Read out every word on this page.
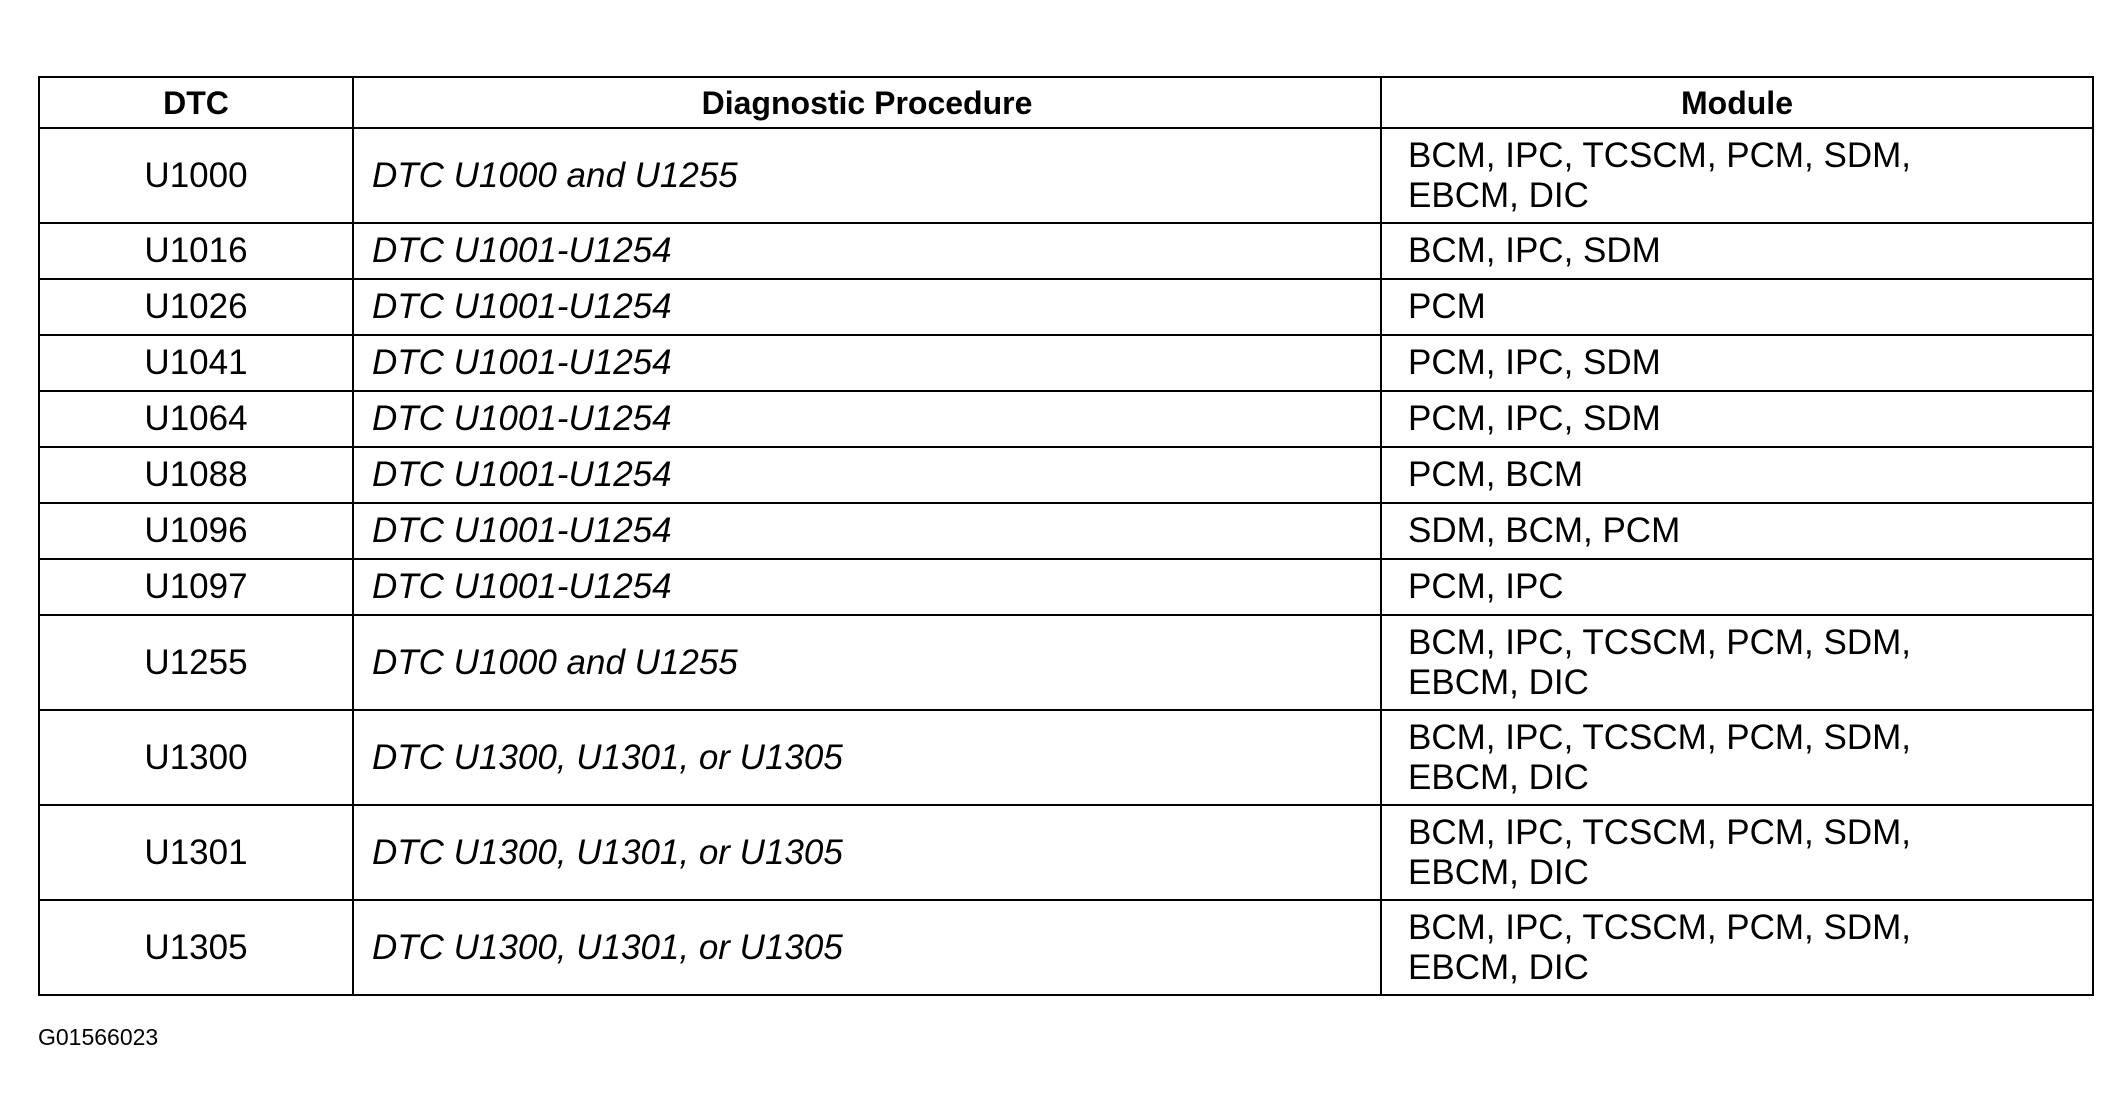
DTC	Diagnostic Procedure	Module
U1000	DTC U1000 and U1255	BCM, IPC, TCSCM, PCM, SDM,
EBCM, DIC

U1016	DTC U1001-U1254	BCM, IPC, SDM

U1026	DTC U1001-U1254	PCM

U1041	DTC U1001-U1254	PCM, IPC, SDM

U1064	DTC U1001-U1254	PCM, IPC, SDM

U1088	DTC U1001-U1254	PCM, BCM

U1096	DTC U1001-U1254	SDM, BCM, PCM

U1097	DTC U1001-U1254	PCM, IPC

U1255	DTC U1000 and U1255	BCM, IPC, TCSCM, PCM, SDM,
EBCM, DIC

U1300	DTC U1300, U1301, or U1305	BCM, IPC, TCSCM, PCM, SDM,
EBCM, DIC

U1301	DTC U1300, U1301, or U1305	BCM, IPC, TCSCM, PCM, SDM,
EBCM, DIC

U1305	DTC U1300, U1301, or U1305	BCM, IPC, TCSCM, PCM, SDM,
EBCM, DIC
G01566023
